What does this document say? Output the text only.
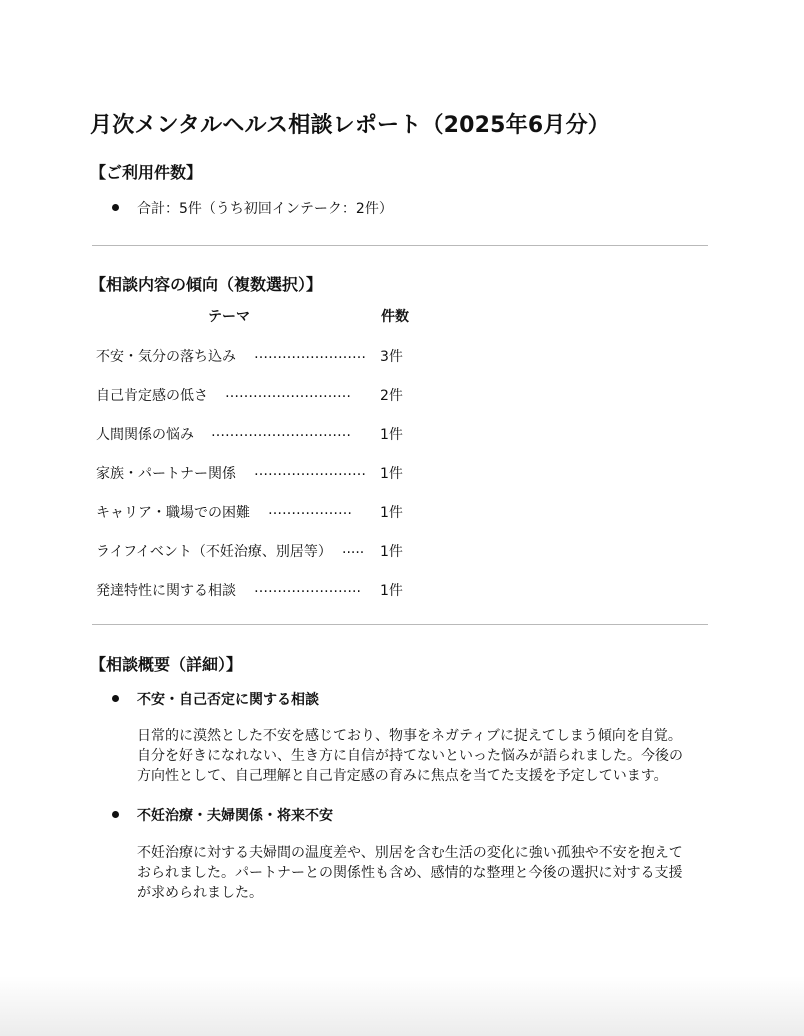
月次メンタルヘルス相談レポート（2025年6月分）
【ご利用件数】
合計：5件（うち初回インテーク：2件）
【相談内容の傾向（複数選択）】
テーマ	件数
不安・気分の落ち込み …………………… 3件
自己肯定感の低さ ……………………… 2件
人間関係の悩み ………………………… 1件
家族・パートナー関係 …………………… 1件
キャリア・職場での困難 ……………… 1件
ライフイベント（不妊治療、別居等） ..... 1件
発達特性に関する相談 ………………….. 1件
【相談概要（詳細）】
不安・自己否定に関する相談
日常的に漠然とした不安を感じており、物事をネガティブに捉えてしまう傾向を自覚。
自分を好きになれない、生き方に自信が持てないといった悩みが語られました。今後の
方向性として、自己理解と自己肯定感の育みに焦点を当てた支援を予定しています。
不妊治療・夫婦関係・将来不安
不妊治療に対する夫婦間の温度差や、別居を含む生活の変化に強い孤独や不安を抱えて
おられました。パートナーとの関係性も含め、感情的な整理と今後の選択に対する支援
が求められました。
